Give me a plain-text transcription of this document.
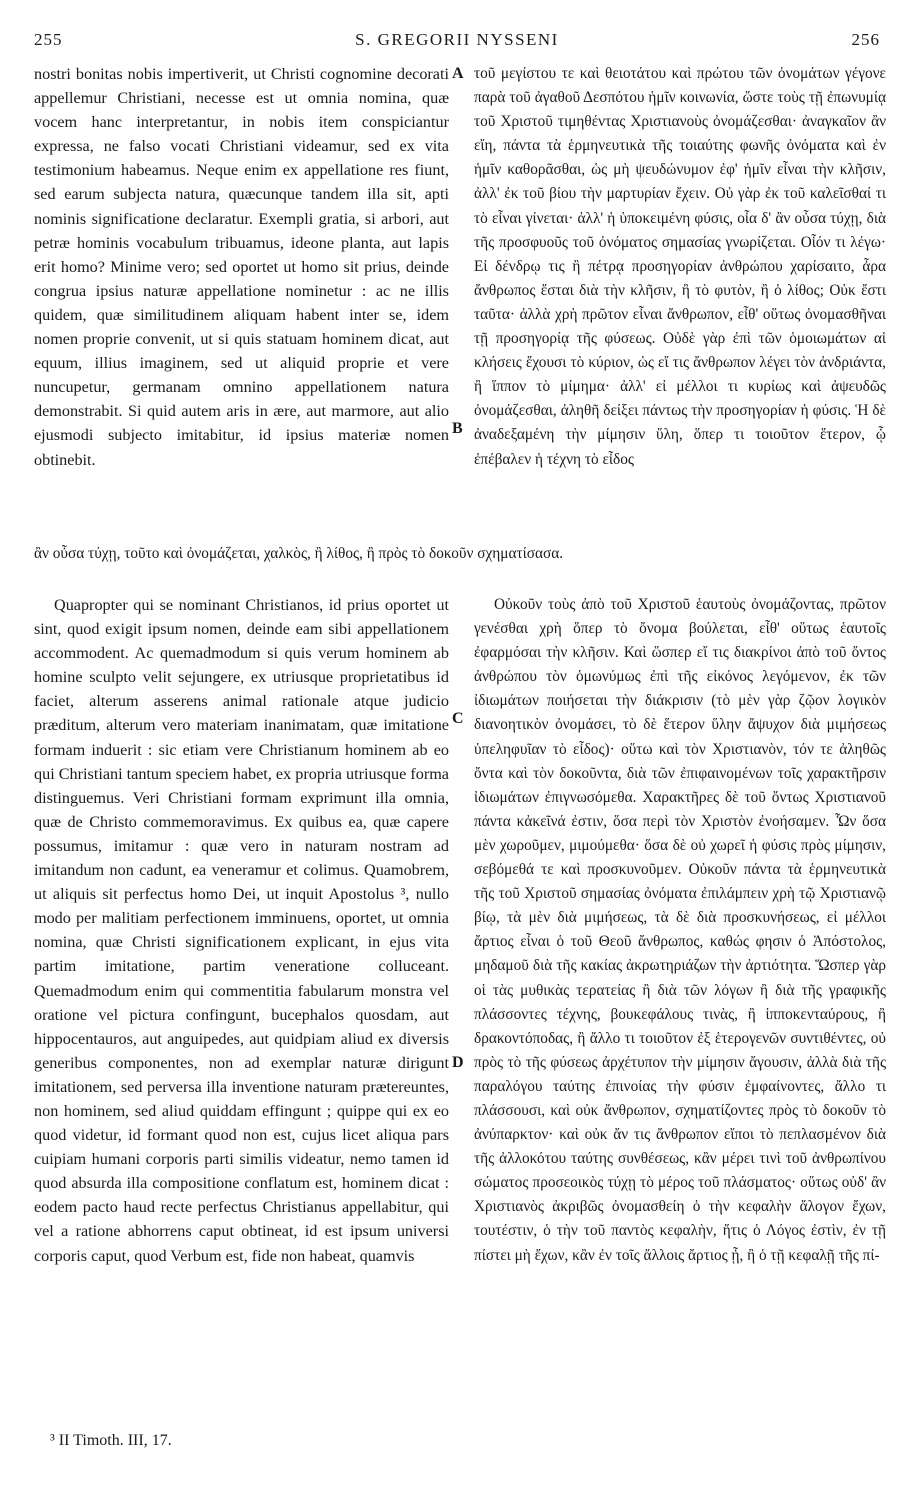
255	S. GREGORII NYSSENI	256

nostri bonitas nobis impertiverit, ut Christi cognomine decorati appellemur Christiani, necesse est ut omnia nomina, quæ vocem hanc interpretantur, in nobis item conspiciantur expressa, ne falso vocati Christiani videamur, sed ex vita testimonium habeamus. Neque enim ex appellatione res fiunt, sed earum subjecta natura, quæcunque tandem illa sit, apti nominis significatione declaratur. Exempli gratia, si arbori, aut petræ hominis vocabulum tribuamus, ideone planta, aut lapis erit homo? Minime vero; sed oportet ut homo sit prius, deinde congrua ipsius naturæ appellatione nominetur : ac ne illis quidem, quæ similitudinem aliquam habent inter se, idem nomen proprie convenit, ut si quis statuam hominem dicat, aut equum, illius imaginem, sed ut aliquid proprie et vere nuncupetur, germanam omnino appellationem natura demonstrabit. Si quid autem aris in ære, aut marmore, aut alio ejusmodi subjecto imitabitur, id ipsius materiæ nomen obtinebit.

τοῦ μεγίστου τε καὶ θειοτάτου καὶ πρώτου τῶν ὀνομάτων γέγονε παρὰ τοῦ ἀγαθοῦ Δεσπότου ἡμῖν κοινωνία, ὥστε τοὺς τῇ ἐπωνυμίᾳ τοῦ Χριστοῦ τιμηθέντας Χριστιανοὺς ὀνομάζεσθαι· ἀναγκαῖον ἂν εἴη, πάντα τὰ ἑρμηνευτικὰ τῆς τοιαύτης φωνῆς ὀνόματα καὶ ἐν ἡμῖν καθορᾶσθαι, ὡς μὴ ψευδώνυμον ἐφ' ἡμῖν εἶναι τὴν κλῆσιν, ἀλλ' ἐκ τοῦ βίου τὴν μαρτυρίαν ἔχειν. Οὐ γὰρ ἐκ τοῦ καλεῖσθαί τι τὸ εἶναι γίνεται· ἀλλ' ἡ ὑποκειμένη φύσις, οἷα δ' ἂν οὖσα τύχῃ, διὰ τῆς προσφυοῦς τοῦ ὀνόματος σημασίας γνωρίζεται. Οἷόν τι λέγω· Εἰ δένδρῳ τις ἢ πέτρᾳ προσηγορίαν ἀνθρώπου χαρίσαιτο, ἆρα ἄνθρωπος ἔσται διὰ τὴν κλῆσιν, ἢ τὸ φυτὸν, ἢ ὁ λίθος; Οὐκ ἔστι ταῦτα· ἀλλὰ χρὴ πρῶτον εἶναι ἄνθρωπον, εἶθ' οὕτως ὀνομασθῆναι τῇ προσηγορίᾳ τῆς φύσεως. Οὐδὲ γὰρ ἐπὶ τῶν ὁμοιωμάτων αἱ κλήσεις ἔχουσι τὸ κύριον, ὡς εἴ τις ἄνθρωπον λέγει τὸν ἀνδριάντα, ἢ ἵππον τὸ μίμημα· ἀλλ' εἰ μέλλοι τι κυρίως καὶ ἀψευδῶς ὀνομάζεσθαι, ἀληθῆ δείξει πάντως τὴν προσηγορίαν ἡ φύσις. Ἡ δὲ ἀναδεξαμένη τὴν μίμησιν ὕλη, ὅπερ τι τοιοῦτον ἕτερον, ᾧ ἐπέβαλεν ἡ τέχνη τὸ εἶδος

A
B

ἂν οὖσα τύχῃ, τοῦτο καὶ ὀνομάζεται, χαλκὸς, ἢ λίθος, ἢ πρὸς τὸ δοκοῦν σχηματίσασα.

Quapropter qui se nominant Christianos, id prius oportet ut sint, quod exigit ipsum nomen, deinde eam sibi appellationem accommodent. Ac quemadmodum si quis verum hominem ab homine sculpto velit sejungere, ex utriusque proprietatibus id faciet, alterum asserens animal rationale atque judicio præditum, alterum vero materiam inanimatam, quæ imitatione formam induerit : sic etiam vere Christianum hominem ab eo qui Christiani tantum speciem habet, ex propria utriusque forma distinguemus. Veri Christiani formam exprimunt illa omnia, quæ de Christo commemoravimus. Ex quibus ea, quæ capere possumus, imitamur : quæ vero in naturam nostram ad imitandum non cadunt, ea veneramur et colimus. Quamobrem, ut aliquis sit perfectus homo Dei, ut inquit Apostolus ³, nullo modo per malitiam perfectionem imminuens, oportet, ut omnia nomina, quæ Christi significationem explicant, in ejus vita partim imitatione, partim veneratione colluceant. Quemadmodum enim qui commentitia fabularum monstra vel oratione vel pictura confingunt, bucephalos quosdam, aut hippocentauros, aut anguipedes, aut quidpiam aliud ex diversis generibus componentes, non ad exemplar naturæ dirigunt imitationem, sed perversa illa inventione naturam prætereuntes, non hominem, sed aliud quiddam effingunt ; quippe qui ex eo quod videtur, id formant quod non est, cujus licet aliqua pars cuipiam humani corporis parti similis videatur, nemo tamen id quod absurda illa compositione conflatum est, hominem dicat : eodem pacto haud recte perfectus Christianus appellabitur, qui vel a ratione abhorrens caput obtineat, id est ipsum universi corporis caput, quod Verbum est, fide non habeat, quamvis

Οὐκοῦν τοὺς ἀπὸ τοῦ Χριστοῦ ἑαυτοὺς ὀνομάζοντας, πρῶτον γενέσθαι χρὴ ὅπερ τὸ ὄνομα βούλεται, εἶθ' οὕτως ἑαυτοῖς ἐφαρμόσαι τὴν κλῆσιν. Καὶ ὥσπερ εἴ τις διακρίνοι ἀπὸ τοῦ ὄντος ἀνθρώπου τὸν ὁμωνύμως ἐπὶ τῆς εἰκόνος λεγόμενον, ἐκ τῶν ἰδιωμάτων ποιήσεται τὴν διάκρισιν (τὸ μὲν γὰρ ζῷον λογικὸν διανοητικὸν ὀνομάσει, τὸ δὲ ἕτερον ὕλην ἄψυχον διὰ μιμήσεως ὑπεληφυῖαν τὸ εἶδος)· οὕτω καὶ τὸν Χριστιανὸν, τόν τε ἀληθῶς ὄντα καὶ τὸν δοκοῦντα, διὰ τῶν ἐπιφαινομένων τοῖς χαρακτῆρσιν ἰδιωμάτων ἐπιγνωσόμεθα. Χαρακτῆρες δὲ τοῦ ὄντως Χριστιανοῦ πάντα κἀκεῖνά ἐστιν, ὅσα περὶ τὸν Χριστὸν ἐνοήσαμεν. Ὧν ὅσα μὲν χωροῦμεν, μιμούμεθα· ὅσα δὲ οὐ χωρεῖ ἡ φύσις πρὸς μίμησιν, σεβόμεθά τε καὶ προσκυνοῦμεν. Οὐκοῦν πάντα τὰ ἑρμηνευτικὰ τῆς τοῦ Χριστοῦ σημασίας ὀνόματα ἐπιλάμπειν χρὴ τῷ Χριστιανῷ βίῳ, τὰ μὲν διὰ μιμήσεως, τὰ δὲ διὰ προσκυνήσεως, εἰ μέλλοι ἄρτιος εἶναι ὁ τοῦ Θεοῦ ἄνθρωπος, καθώς φησιν ὁ Ἀπόστολος, μηδαμοῦ διὰ τῆς κακίας ἀκρωτηριάζων τὴν ἀρτιότητα. Ὥσπερ γὰρ οἱ τὰς μυθικὰς τερατείας ἢ διὰ τῶν λόγων ἢ διὰ τῆς γραφικῆς πλάσσοντες τέχνης, βουκεφάλους τινὰς, ἢ ἱπποκενταύρους, ἢ δρακοντόποδας, ἢ ἄλλο τι τοιοῦτον ἐξ ἑτερογενῶν συντιθέντες, οὐ πρὸς τὸ τῆς φύσεως ἀρχέτυπον τὴν μίμησιν ἄγουσιν, ἀλλὰ διὰ τῆς παραλόγου ταύτης ἐπινοίας τὴν φύσιν ἐμφαίνοντες, ἄλλο τι πλάσσουσι, καὶ οὐκ ἄνθρωπον, σχηματίζοντες πρὸς τὸ δοκοῦν τὸ ἀνύπαρκτον· καὶ οὐκ ἄν τις ἄνθρωπον εἴποι τὸ πεπλασμένον διὰ τῆς ἀλλοκότου ταύτης συνθέσεως, κἂν μέρει τινὶ τοῦ ἀνθρωπίνου σώματος προσεοικὸς τύχῃ τὸ μέρος τοῦ πλάσματος· οὕτως οὐδ' ἂν Χριστιανὸς ἀκριβῶς ὀνομασθείη ὁ τὴν κεφαλὴν ἄλογον ἔχων, τουτέστιν, ὁ τὴν τοῦ παντὸς κεφαλὴν, ἥτις ὁ Λόγος ἐστὶν, ἐν τῇ πίστει μὴ ἔχων, κἂν ἐν τοῖς ἄλλοις ἄρτιος ᾖ, ἢ ὁ τῇ κεφαλῇ τῆς πί-

C
D
³ II Timoth. III, 17.
